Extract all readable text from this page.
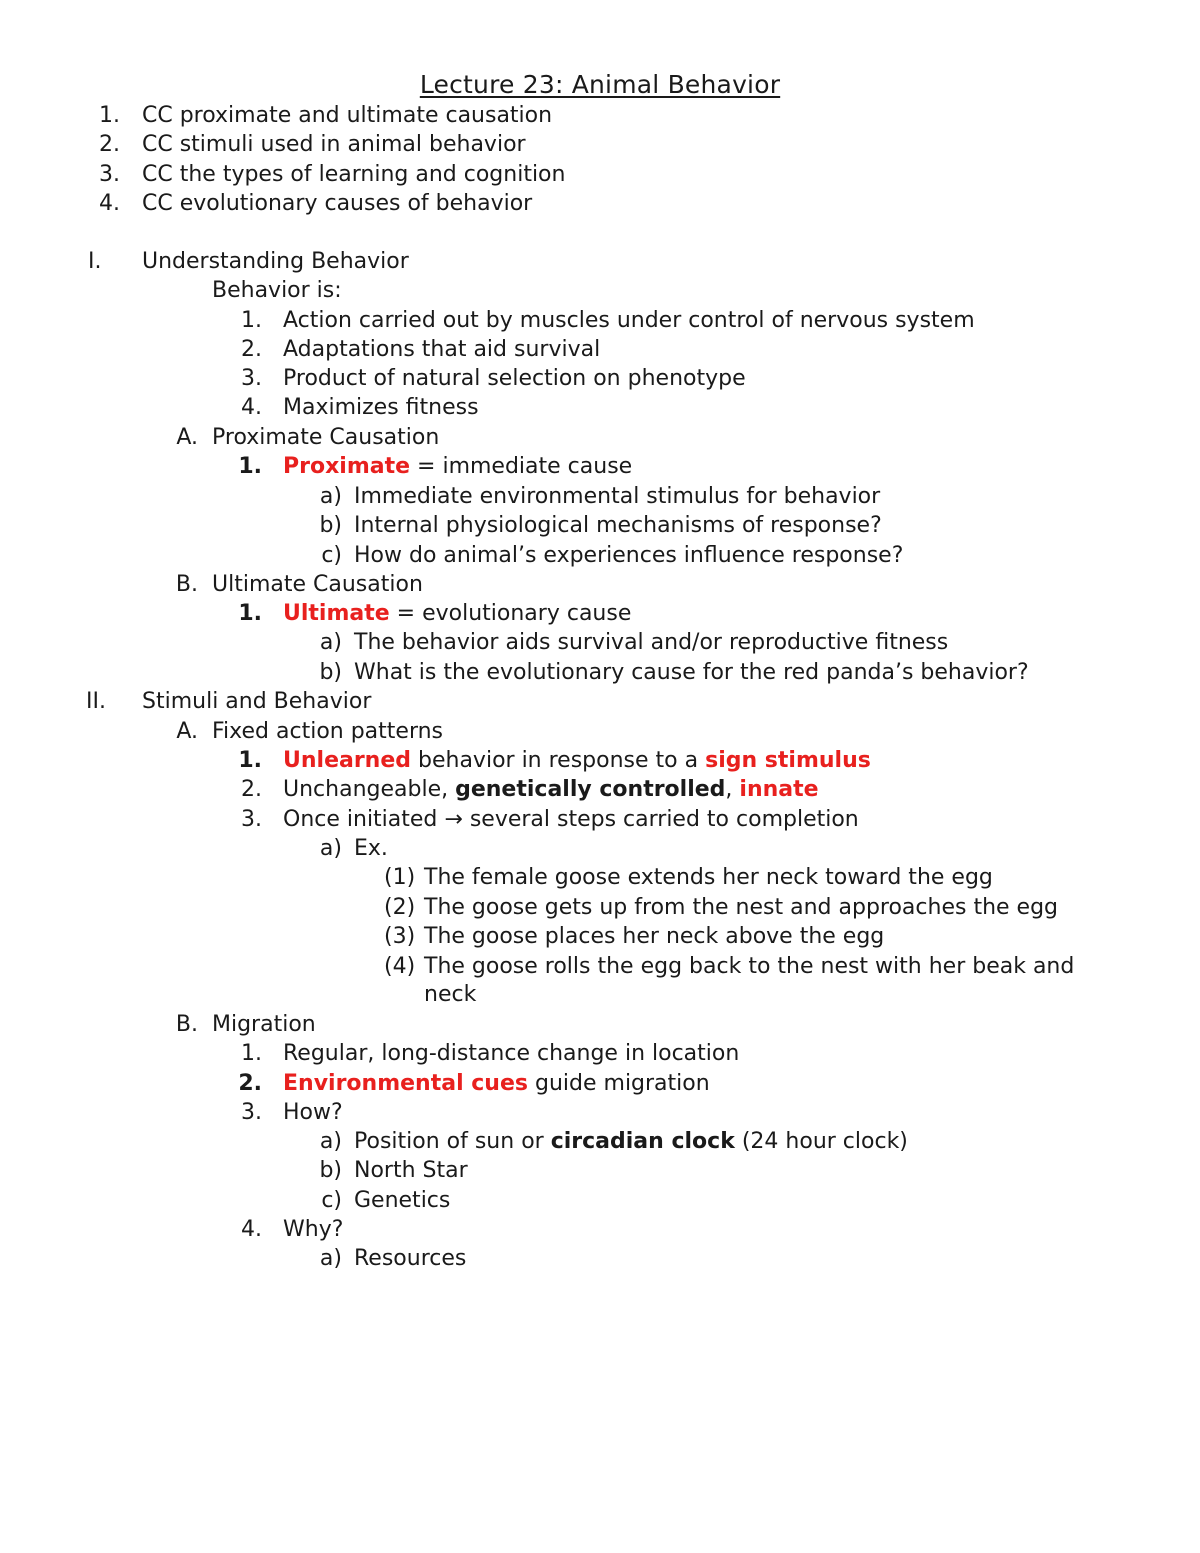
Lecture 23: Animal Behavior
1. CC proximate and ultimate causation
2. CC stimuli used in animal behavior
3. CC the types of learning and cognition
4. CC evolutionary causes of behavior
I.	Understanding Behavior
Behavior is:
1. Action carried out by muscles under control of nervous system
2. Adaptations that aid survival
3. Product of natural selection on phenotype
4. Maximizes fitness
A. Proximate Causation
1. Proximate = immediate cause
a) Immediate environmental stimulus for behavior
b) Internal physiological mechanisms of response?
c) How do animal’s experiences influence response?
B. Ultimate Causation
1. Ultimate = evolutionary cause
a) The behavior aids survival and/or reproductive fitness
b) What is the evolutionary cause for the red panda’s behavior?
II.	Stimuli and Behavior
A. Fixed action patterns
1. Unlearned behavior in response to a sign stimulus
2. Unchangeable, genetically controlled, innate
3. Once initiated → several steps carried to completion
a) Ex.
(1) The female goose extends her neck toward the egg
(2) The goose gets up from the nest and approaches the egg
(3) The goose places her neck above the egg
(4) The goose rolls the egg back to the nest with her beak and
neck
B. Migration
1. Regular, long-distance change in location
2. Environmental cues guide migration
3. How?
a) Position of sun or circadian clock (24 hour clock)
b) North Star
c) Genetics
4. Why?
a) Resources
